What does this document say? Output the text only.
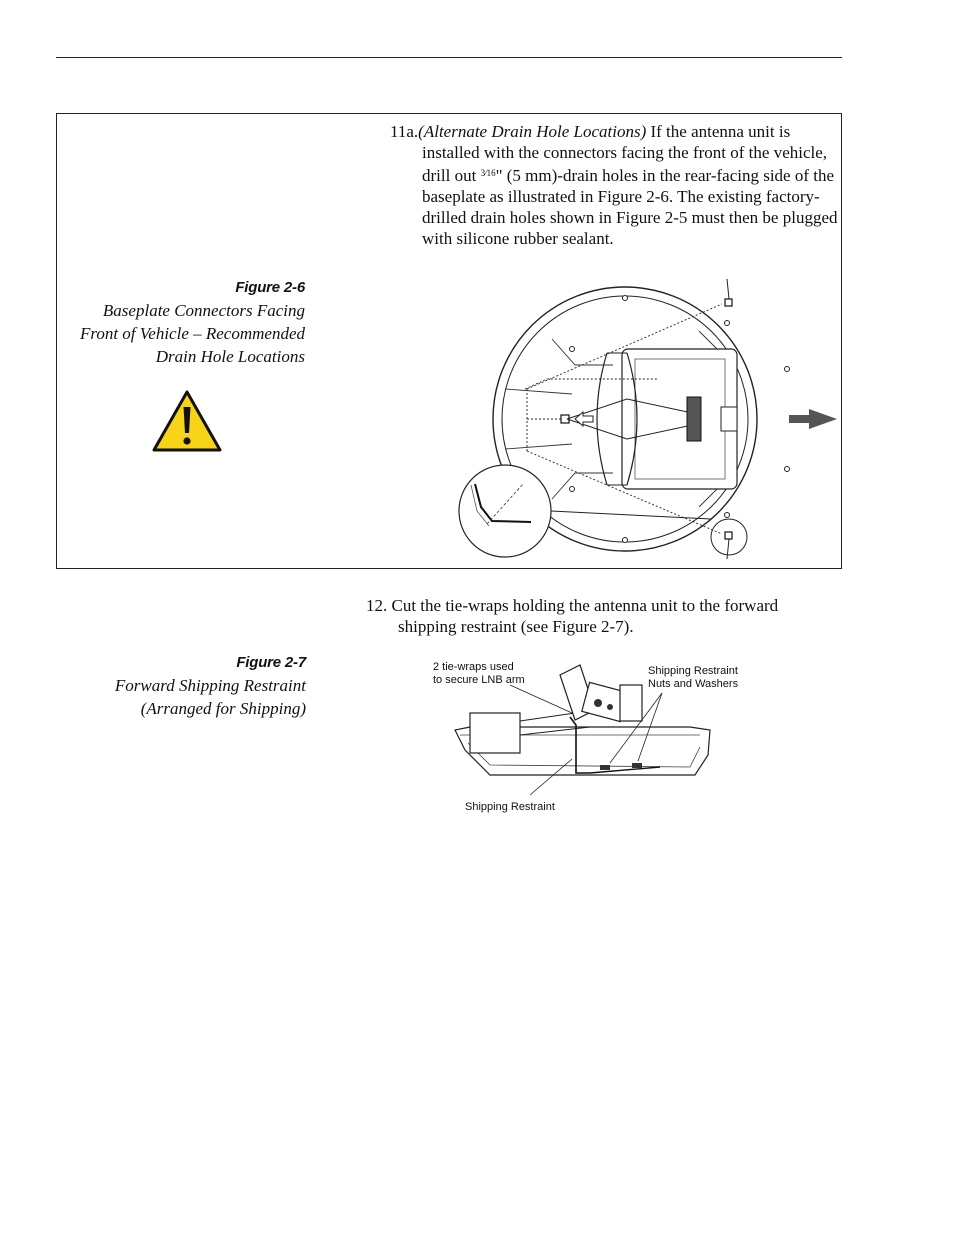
11a.(Alternate Drain Hole Locations) If the antenna unit is installed with the connectors facing the front of the vehicle, drill out $^{3⁄16}$" (5 mm)-drain holes in the rear-facing side of the baseplate as illustrated in Figure 2-6. The existing factory-drilled drain holes shown in Figure 2-5 must then be plugged with silicone rubber sealant.
Figure 2-6
Baseplate Connectors Facing
Front of Vehicle – Recommended
Drain Hole Locations
12. Cut the tie-wraps holding the antenna unit to the forward shipping restraint (see Figure 2-7).
Figure 2-7
Forward Shipping Restraint
(Arranged for Shipping)
2 tie-wraps used
to secure LNB arm
Shipping Restraint
Nuts and Washers
Shipping Restraint
